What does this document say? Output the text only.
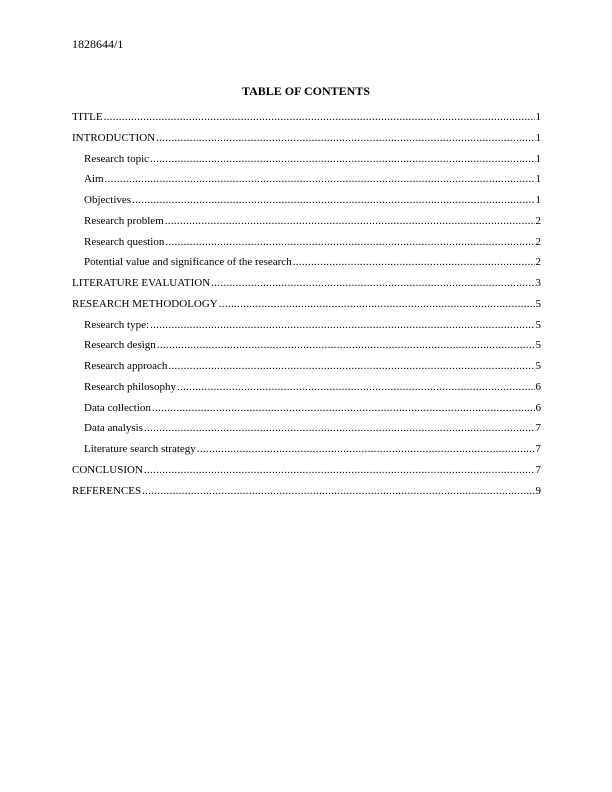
1828644/1
TABLE OF CONTENTS
TITLE .....	1
INTRODUCTION .....	1
Research topic .....	1
Aim .....	1
Objectives .....	1
Research problem .....	2
Research question .....	2
Potential value and significance of the research .....	2
LITERATURE EVALUATION .....	3
RESEARCH METHODOLOGY .....	5
Research type: .....	5
Research design .....	5
Research approach .....	5
Research philosophy .....	6
Data collection .....	6
Data analysis .....	7
Literature search strategy .....	7
CONCLUSION .....	7
REFERENCES .....	9
